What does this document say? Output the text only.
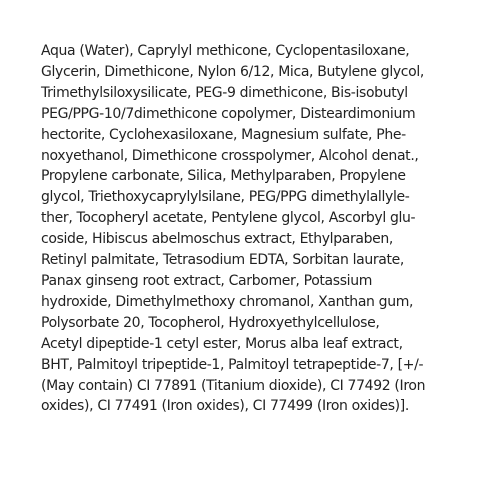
Aqua (Water), Caprylyl methicone, Cyclopentasiloxane,
Glycerin, Dimethicone, Nylon 6/12, Mica, Butylene glycol,
Trimethylsiloxysilicate, PEG-9 dimethicone, Bis-isobutyl
PEG/PPG-10/7dimethicone copolymer, Disteardimonium
hectorite, Cyclohexasiloxane, Magnesium sulfate, Phe-
noxyethanol, Dimethicone crosspolymer, Alcohol denat.,
Propylene carbonate, Silica, Methylparaben, Propylene
glycol, Triethoxycaprylylsilane, PEG/PPG dimethylallyle-
ther, Tocopheryl acetate, Pentylene glycol, Ascorbyl glu-
coside, Hibiscus abelmoschus extract, Ethylparaben,
Retinyl palmitate, Tetrasodium EDTA, Sorbitan laurate,
Panax ginseng root extract, Carbomer, Potassium
hydroxide, Dimethylmethoxy chromanol, Xanthan gum,
Polysorbate 20, Tocopherol, Hydroxyethylcellulose,
Acetyl dipeptide-1 cetyl ester, Morus alba leaf extract,
BHT, Palmitoyl tripeptide-1, Palmitoyl tetrapeptide-7, [+/-
(May contain) CI 77891 (Titanium dioxide), CI 77492 (Iron
oxides), CI 77491 (Iron oxides), CI 77499 (Iron oxides)].
